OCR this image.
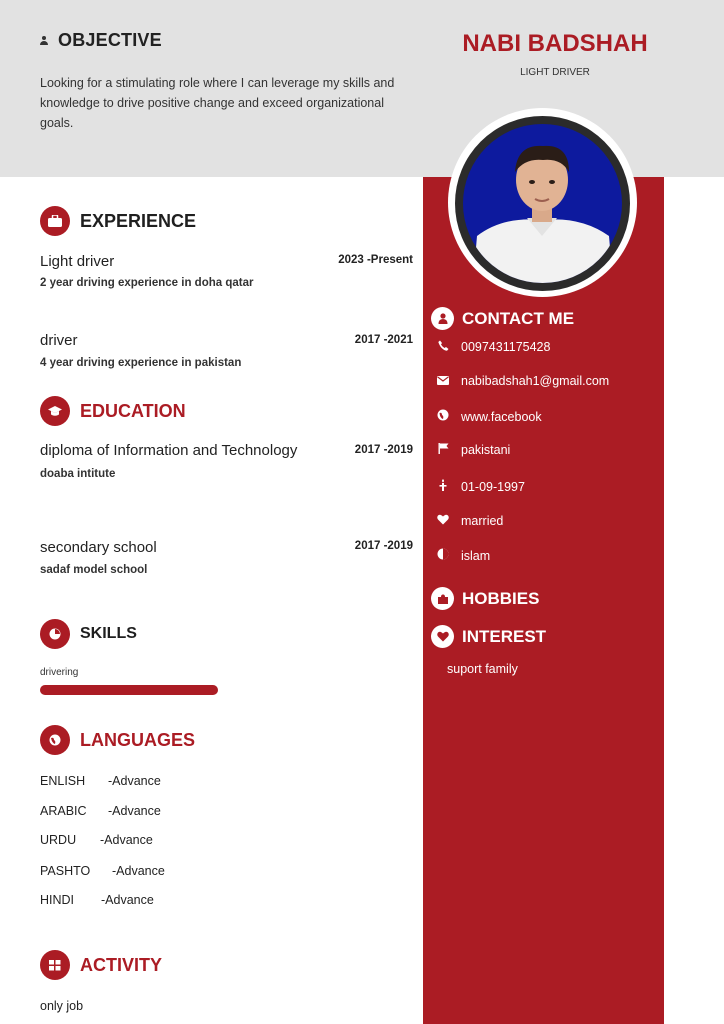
OBJECTIVE
Looking for a stimulating role where I can leverage my skills and knowledge to drive positive change and exceed organizational goals.
NABI BADSHAH
LIGHT DRIVER
EXPERIENCE
Light driver	2023 -Present
2 year driving experience in doha qatar
driver	2017 -2021
4 year driving experience in pakistan
EDUCATION
diploma of Information and Technology	2017 -2019
doaba intitute
secondary school	2017 -2019
sadaf model school
SKILLS
drivering
LANGUAGES
ENLISH	-Advance
ARABIC	-Advance
URDU	-Advance
PASHTO	-Advance
HINDI	-Advance
ACTIVITY
only job
CONTACT ME
0097431175428
nabibadshah1@gmail.com
www.facebook
pakistani
01-09-1997
married
islam
HOBBIES
INTEREST
suport family
